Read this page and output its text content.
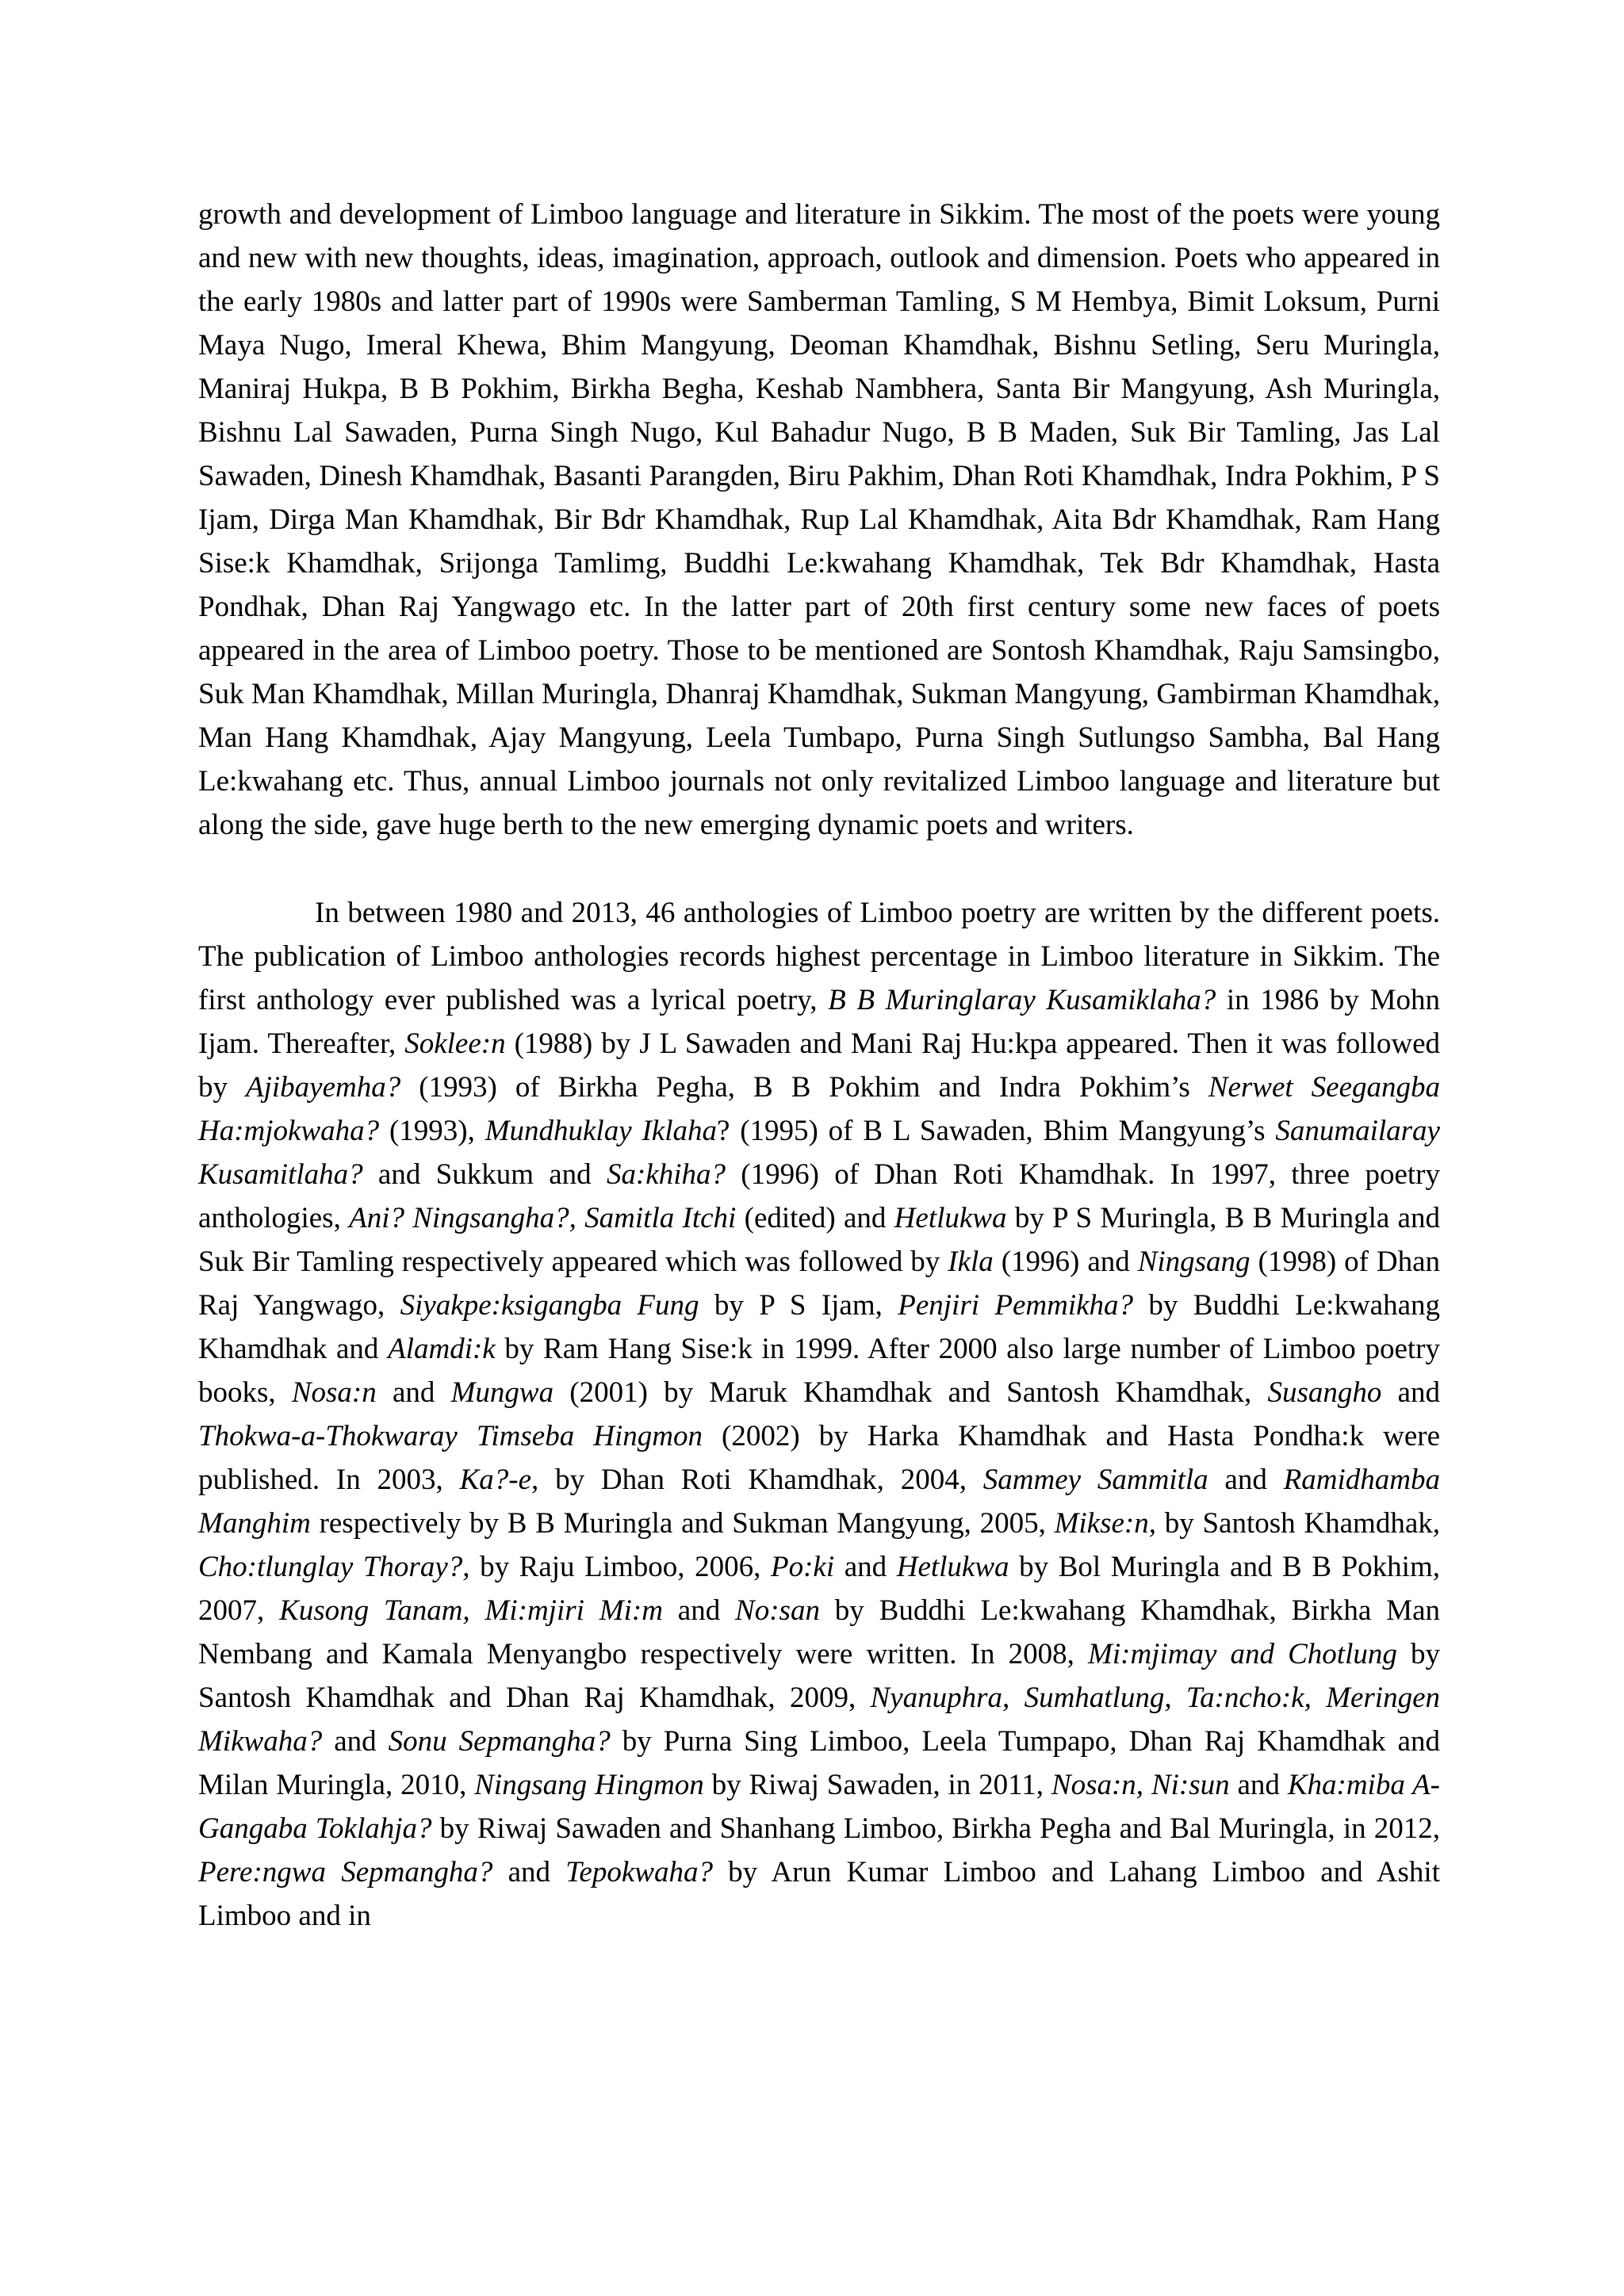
growth and development of Limboo language and literature in Sikkim. The most of the poets were young and new with new thoughts, ideas, imagination, approach, outlook and dimension. Poets who appeared in the early 1980s and latter part of 1990s were Samberman Tamling, S M Hembya, Bimit Loksum, Purni Maya Nugo, Imeral Khewa, Bhim Mangyung, Deoman Khamdhak, Bishnu Setling, Seru Muringla, Maniraj Hukpa, B B Pokhim, Birkha Begha, Keshab Nambhera, Santa Bir Mangyung, Ash Muringla, Bishnu Lal Sawaden, Purna Singh Nugo, Kul Bahadur Nugo, B B Maden, Suk Bir Tamling, Jas Lal Sawaden, Dinesh Khamdhak, Basanti Parangden, Biru Pakhim, Dhan Roti Khamdhak, Indra Pokhim, P S Ijam, Dirga Man Khamdhak, Bir Bdr Khamdhak, Rup Lal Khamdhak, Aita Bdr Khamdhak, Ram Hang Sise:k Khamdhak, Srijonga Tamlimg, Buddhi Le:kwahang Khamdhak, Tek Bdr Khamdhak, Hasta Pondhak, Dhan Raj Yangwago etc. In the latter part of 20th first century some new faces of poets appeared in the area of Limboo poetry. Those to be mentioned are Sontosh Khamdhak, Raju Samsingbo, Suk Man Khamdhak, Millan Muringla, Dhanraj Khamdhak, Sukman Mangyung, Gambirman Khamdhak, Man Hang Khamdhak, Ajay Mangyung, Leela Tumbapo, Purna Singh Sutlungso Sambha, Bal Hang Le:kwahang etc. Thus, annual Limboo journals not only revitalized Limboo language and literature but along the side, gave huge berth to the new emerging dynamic poets and writers.

In between 1980 and 2013, 46 anthologies of Limboo poetry are written by the different poets. The publication of Limboo anthologies records highest percentage in Limboo literature in Sikkim. The first anthology ever published was a lyrical poetry, B B Muringlaray Kusamiklaha? in 1986 by Mohn Ijam. Thereafter, Soklee:n (1988) by J L Sawaden and Mani Raj Hu:kpa appeared. Then it was followed by Ajibayemha? (1993) of Birkha Pegha, B B Pokhim and Indra Pokhim’s Nerwet Seegangba Ha:mjokwaha? (1993), Mundhuklay Iklaha? (1995) of B L Sawaden, Bhim Mangyung’s Sanumailaray Kusamitlaha? and Sukkum and Sa:khiha? (1996) of Dhan Roti Khamdhak. In 1997, three poetry anthologies, Ani? Ningsangha?, Samitla Itchi (edited) and Hetlukwa by P S Muringla, B B Muringla and Suk Bir Tamling respectively appeared which was followed by Ikla (1996) and Ningsang (1998) of Dhan Raj Yangwago, Siyakpe:ksigangba Fung by P S Ijam, Penjiri Pemmikha? by Buddhi Le:kwahang Khamdhak and Alamdi:k by Ram Hang Sise:k in 1999. After 2000 also large number of Limboo poetry books, Nosa:n and Mungwa (2001) by Maruk Khamdhak and Santosh Khamdhak, Susangho and Thokwa-a-Thokwaray Timseba Hingmon (2002) by Harka Khamdhak and Hasta Pondha:k were published. In 2003, Ka?-e, by Dhan Roti Khamdhak, 2004, Sammey Sammitla and Ramidhamba Manghim respectively by B B Muringla and Sukman Mangyung, 2005, Mikse:n, by Santosh Khamdhak, Cho:tlunglay Thoray?, by Raju Limboo, 2006, Po:ki and Hetlukwa by Bol Muringla and B B Pokhim, 2007, Kusong Tanam, Mi:mjiri Mi:m and No:san by Buddhi Le:kwahang Khamdhak, Birkha Man Nembang and Kamala Menyangbo respectively were written. In 2008, Mi:mjimay and Chotlung by Santosh Khamdhak and Dhan Raj Khamdhak, 2009, Nyanuphra, Sumhatlung, Ta:ncho:k, Meringen Mikwaha? and Sonu Sepmangha? by Purna Sing Limboo, Leela Tumpapo, Dhan Raj Khamdhak and Milan Muringla, 2010, Ningsang Hingmon by Riwaj Sawaden, in 2011, Nosa:n, Ni:sun and Kha:miba A-Gangaba Toklahja? by Riwaj Sawaden and Shanhang Limboo, Birkha Pegha and Bal Muringla, in 2012, Pere:ngwa Sepmangha? and Tepokwaha? by Arun Kumar Limboo and Lahang Limboo and Ashit Limboo and in
